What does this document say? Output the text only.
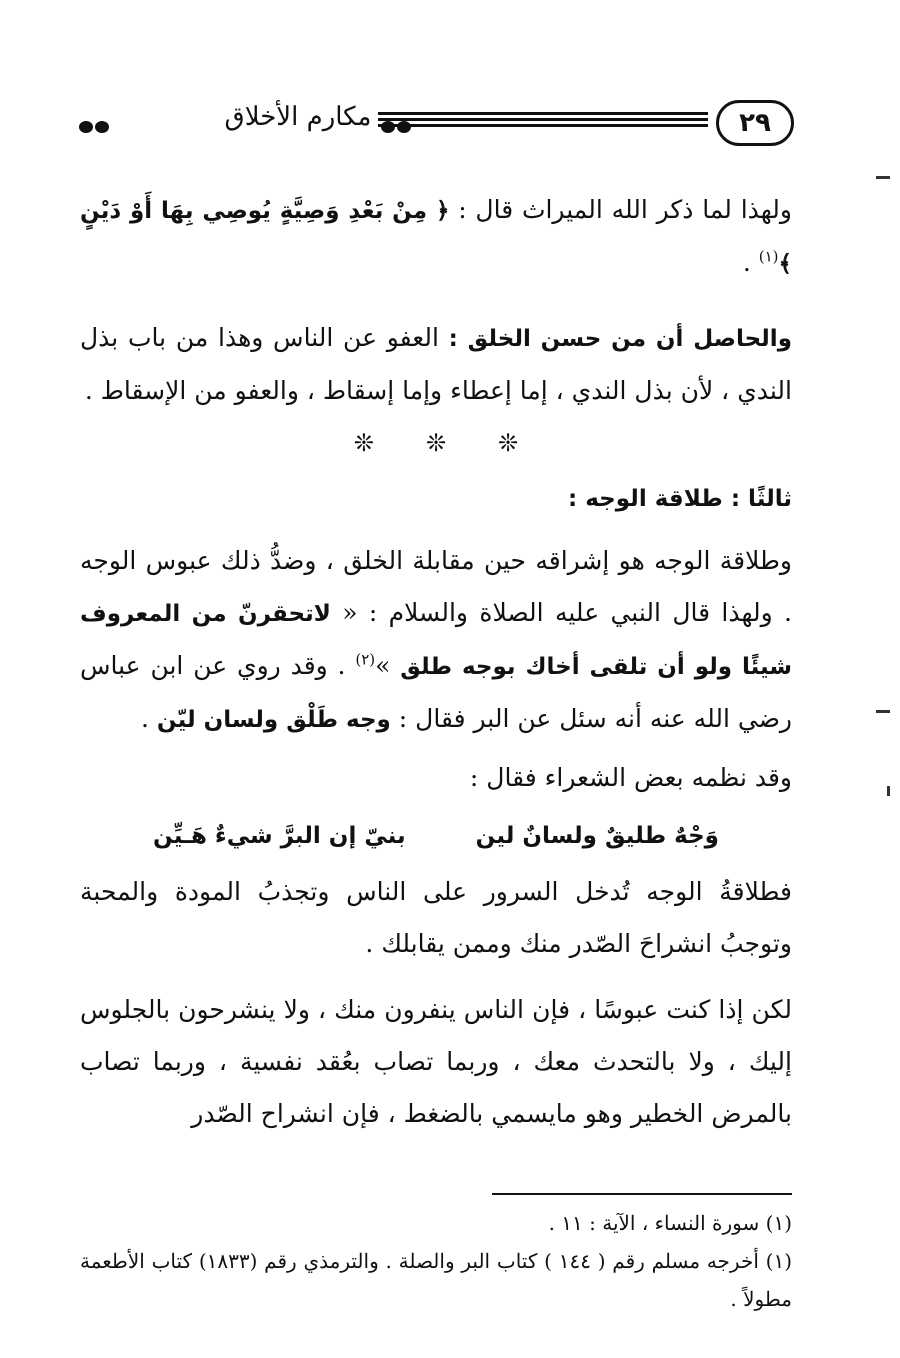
٢٩
مكارم الأخلاق

ولهذا لما ذكر الله الميراث قال : ﴿ مِنْ بَعْدِ وَصِيَّةٍ يُوصِي بِهَا أَوْ دَيْنٍ ﴾$^{(١)}$ .

والحاصل أن من حسن الخلق : العفو عن الناس وهذا من باب بذل الندي ، لأن بذل الندي ، إما إعطاء وإما إسقاط ، والعفو من الإسقاط .

❊❊❊

ثالثًا : طلاقة الوجه :

وطلاقة الوجه هو إشراقه حين مقابلة الخلق ، وضدُّ ذلك عبوس الوجه . ولهذا قال النبي عليه الصلاة والسلام : « لاتحقرنّ من المعروف شيئًا ولو أن تلقى أخاك بوجه طلق »$^{(٢)}$ . وقد روي عن ابن عباس رضي الله عنه أنه سئل عن البر فقال : وجه طَلْق ولسان ليّن .

وقد نظمه بعض الشعراء فقال :

بنيّ إن البرَّ شيءٌ هَـيِّن	وَجْهٌ طليقٌ ولسانٌ لين

فطلاقةُ الوجه تُدخل السرور على الناس وتجذبُ المودة والمحبة وتوجبُ انشراحَ الصّدر منك وممن يقابلك .

لكن إذا كنت عبوسًا ، فإن الناس ينفرون منك ، ولا ينشرحون بالجلوس إليك ، ولا بالتحدث معك ، وربما تصاب بعُقد نفسية ، وربما تصاب بالمرض الخطير وهو مايسمي بالضغط ، فإن انشراح الصّدر

(١) سورة النساء ، الآية : ١١ .

(١) أخرجه مسلم رقم ( ١٤٤ ) كتاب البر والصلة . والترمذي رقم (١٨٣٣) كتاب الأطعمة مطولاً .
